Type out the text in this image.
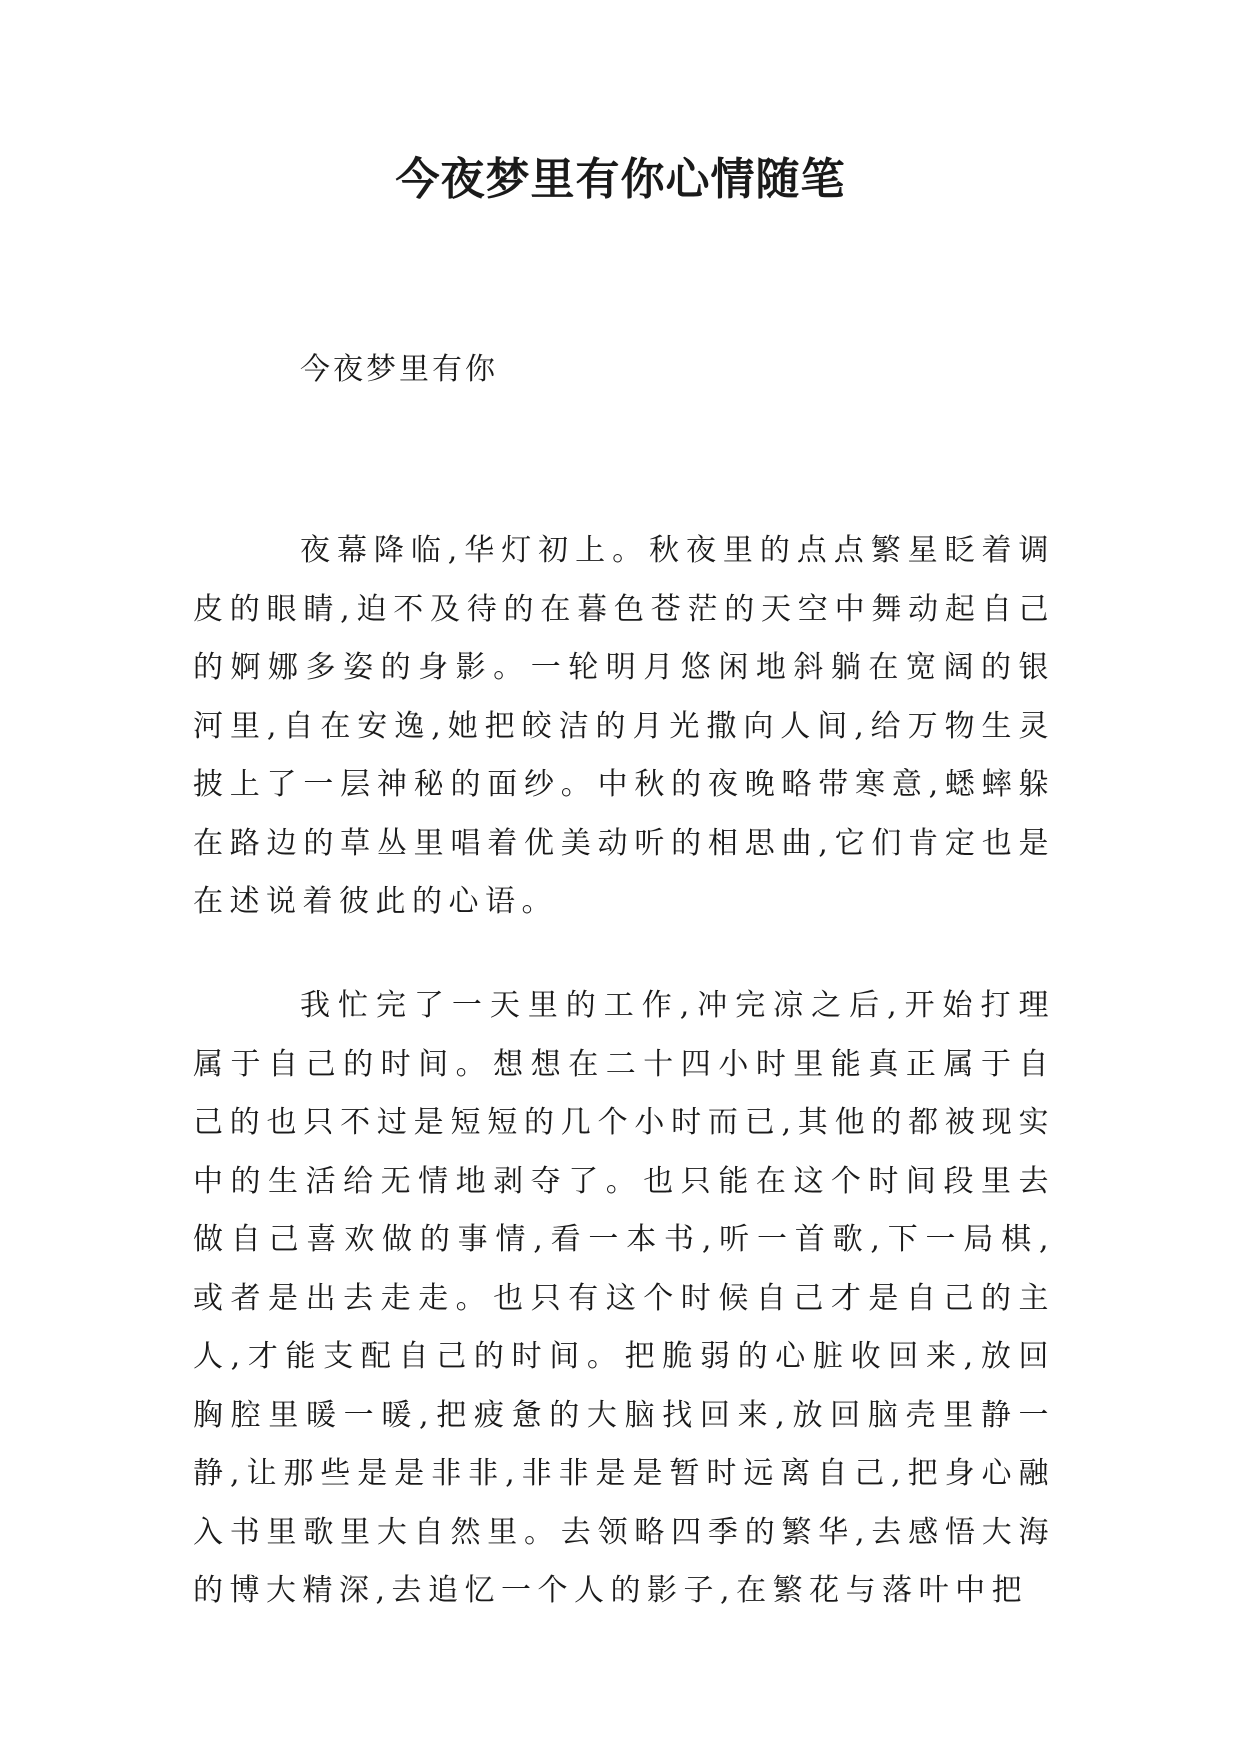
今夜梦里有你心情随笔

今夜梦里有你

夜幕降临,华灯初上。秋夜里的点点繁星眨着调皮的眼睛,迫不及待的在暮色苍茫的天空中舞动起自己的婀娜多姿的身影。一轮明月悠闲地斜躺在宽阔的银河里,自在安逸,她把皎洁的月光撒向人间,给万物生灵披上了一层神秘的面纱。中秋的夜晚略带寒意,蟋蟀躲在路边的草丛里唱着优美动听的相思曲,它们肯定也是在述说着彼此的心语。

我忙完了一天里的工作,冲完凉之后,开始打理属于自己的时间。想想在二十四小时里能真正属于自己的也只不过是短短的几个小时而已,其他的都被现实中的生活给无情地剥夺了。也只能在这个时间段里去做自己喜欢做的事情,看一本书,听一首歌,下一局棋,或者是出去走走。也只有这个时候自己才是自己的主人,才能支配自己的时间。把脆弱的心脏收回来,放回胸腔里暖一暖,把疲惫的大脑找回来,放回脑壳里静一静,让那些是是非非,非非是是暂时远离自己,把身心融入书里歌里大自然里。去领略四季的繁华,去感悟大海的博大精深,去追忆一个人的影子,在繁花与落叶中把
